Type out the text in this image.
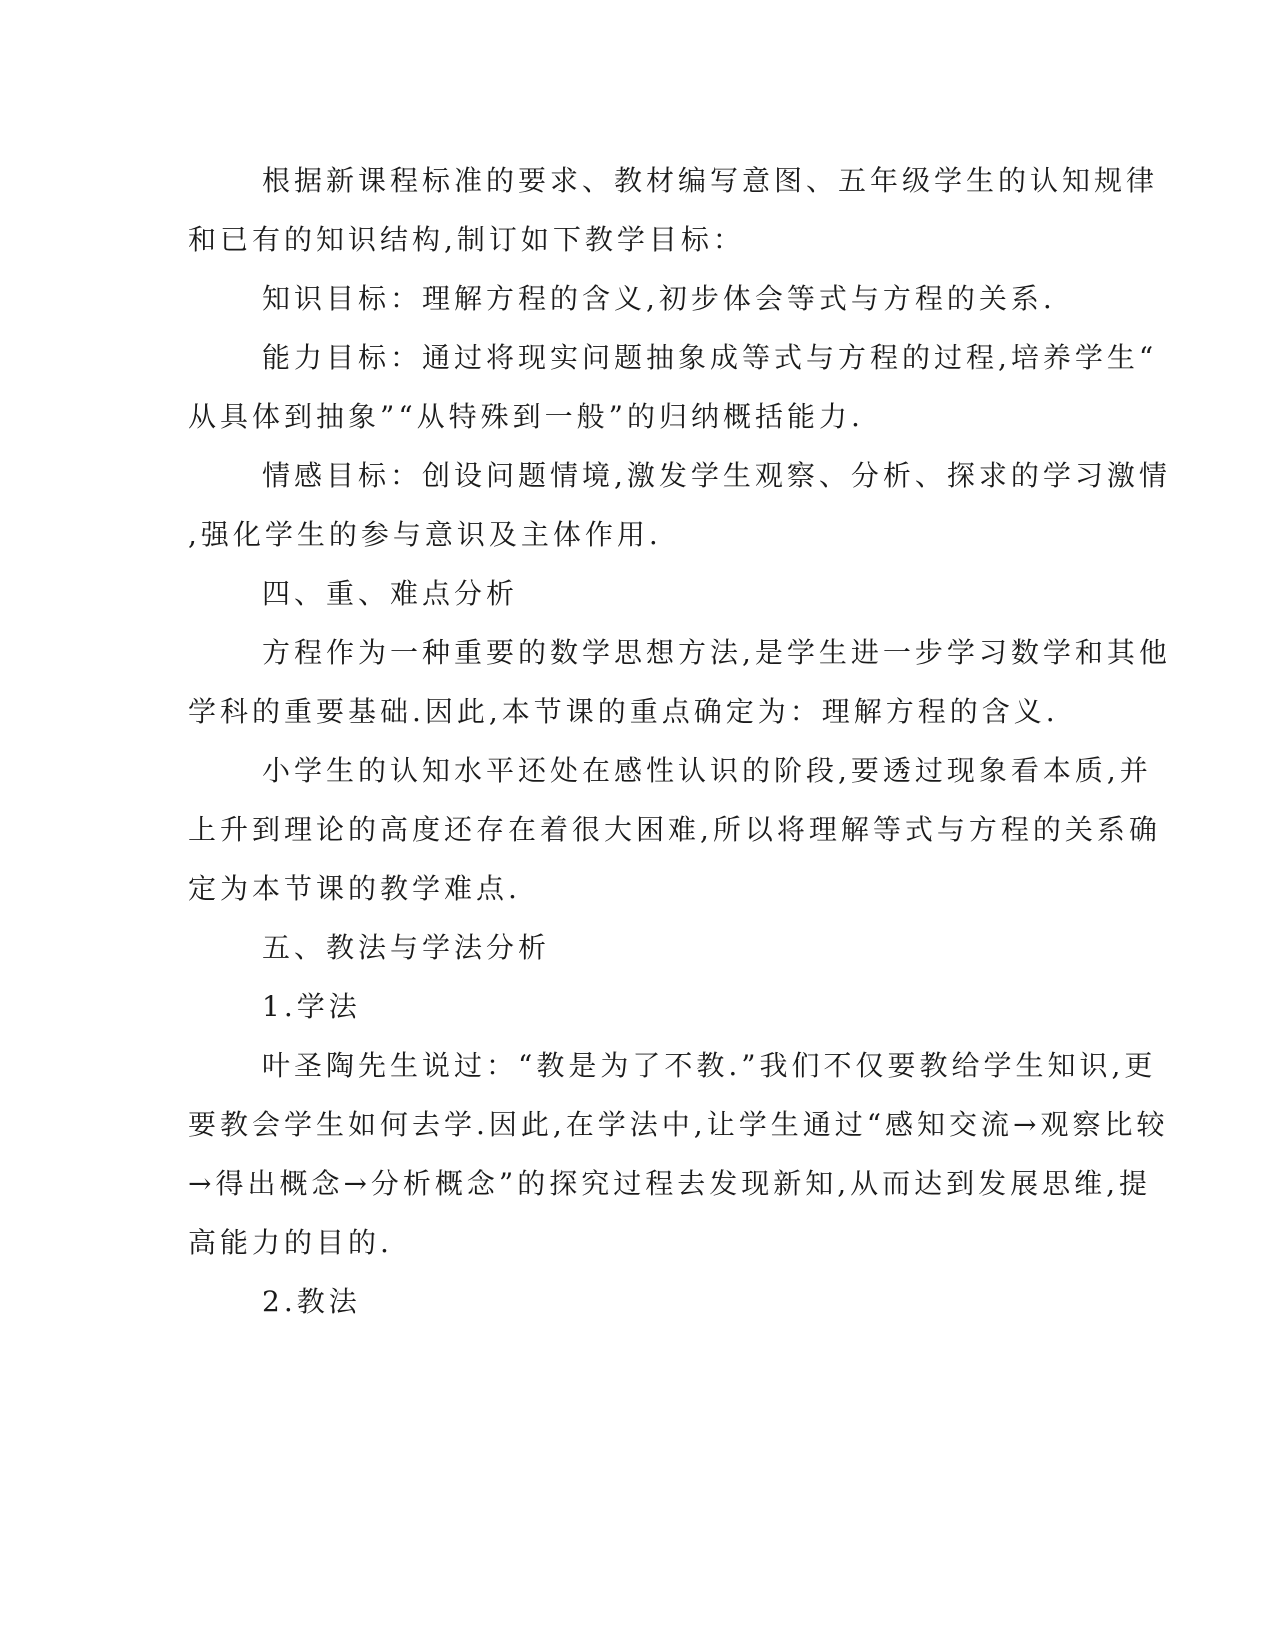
根据新课程标准的要求、教材编写意图、五年级学生的认知规律
和已有的知识结构,制订如下教学目标：
知识目标：理解方程的含义,初步体会等式与方程的关系.
能力目标：通过将现实问题抽象成等式与方程的过程,培养学生“
从具体到抽象”“从特殊到一般”的归纳概括能力.
情感目标：创设问题情境,激发学生观察、分析、探求的学习激情
,强化学生的参与意识及主体作用.
四、重、难点分析
方程作为一种重要的数学思想方法,是学生进一步学习数学和其他
学科的重要基础.因此,本节课的重点确定为：理解方程的含义.
小学生的认知水平还处在感性认识的阶段,要透过现象看本质,并
上升到理论的高度还存在着很大困难,所以将理解等式与方程的关系确
定为本节课的教学难点.
五、教法与学法分析
1.学法
叶圣陶先生说过：“教是为了不教.”我们不仅要教给学生知识,更
要教会学生如何去学.因此,在学法中,让学生通过“感知交流→观察比较
→得出概念→分析概念”的探究过程去发现新知,从而达到发展思维,提
高能力的目的.
2.教法
